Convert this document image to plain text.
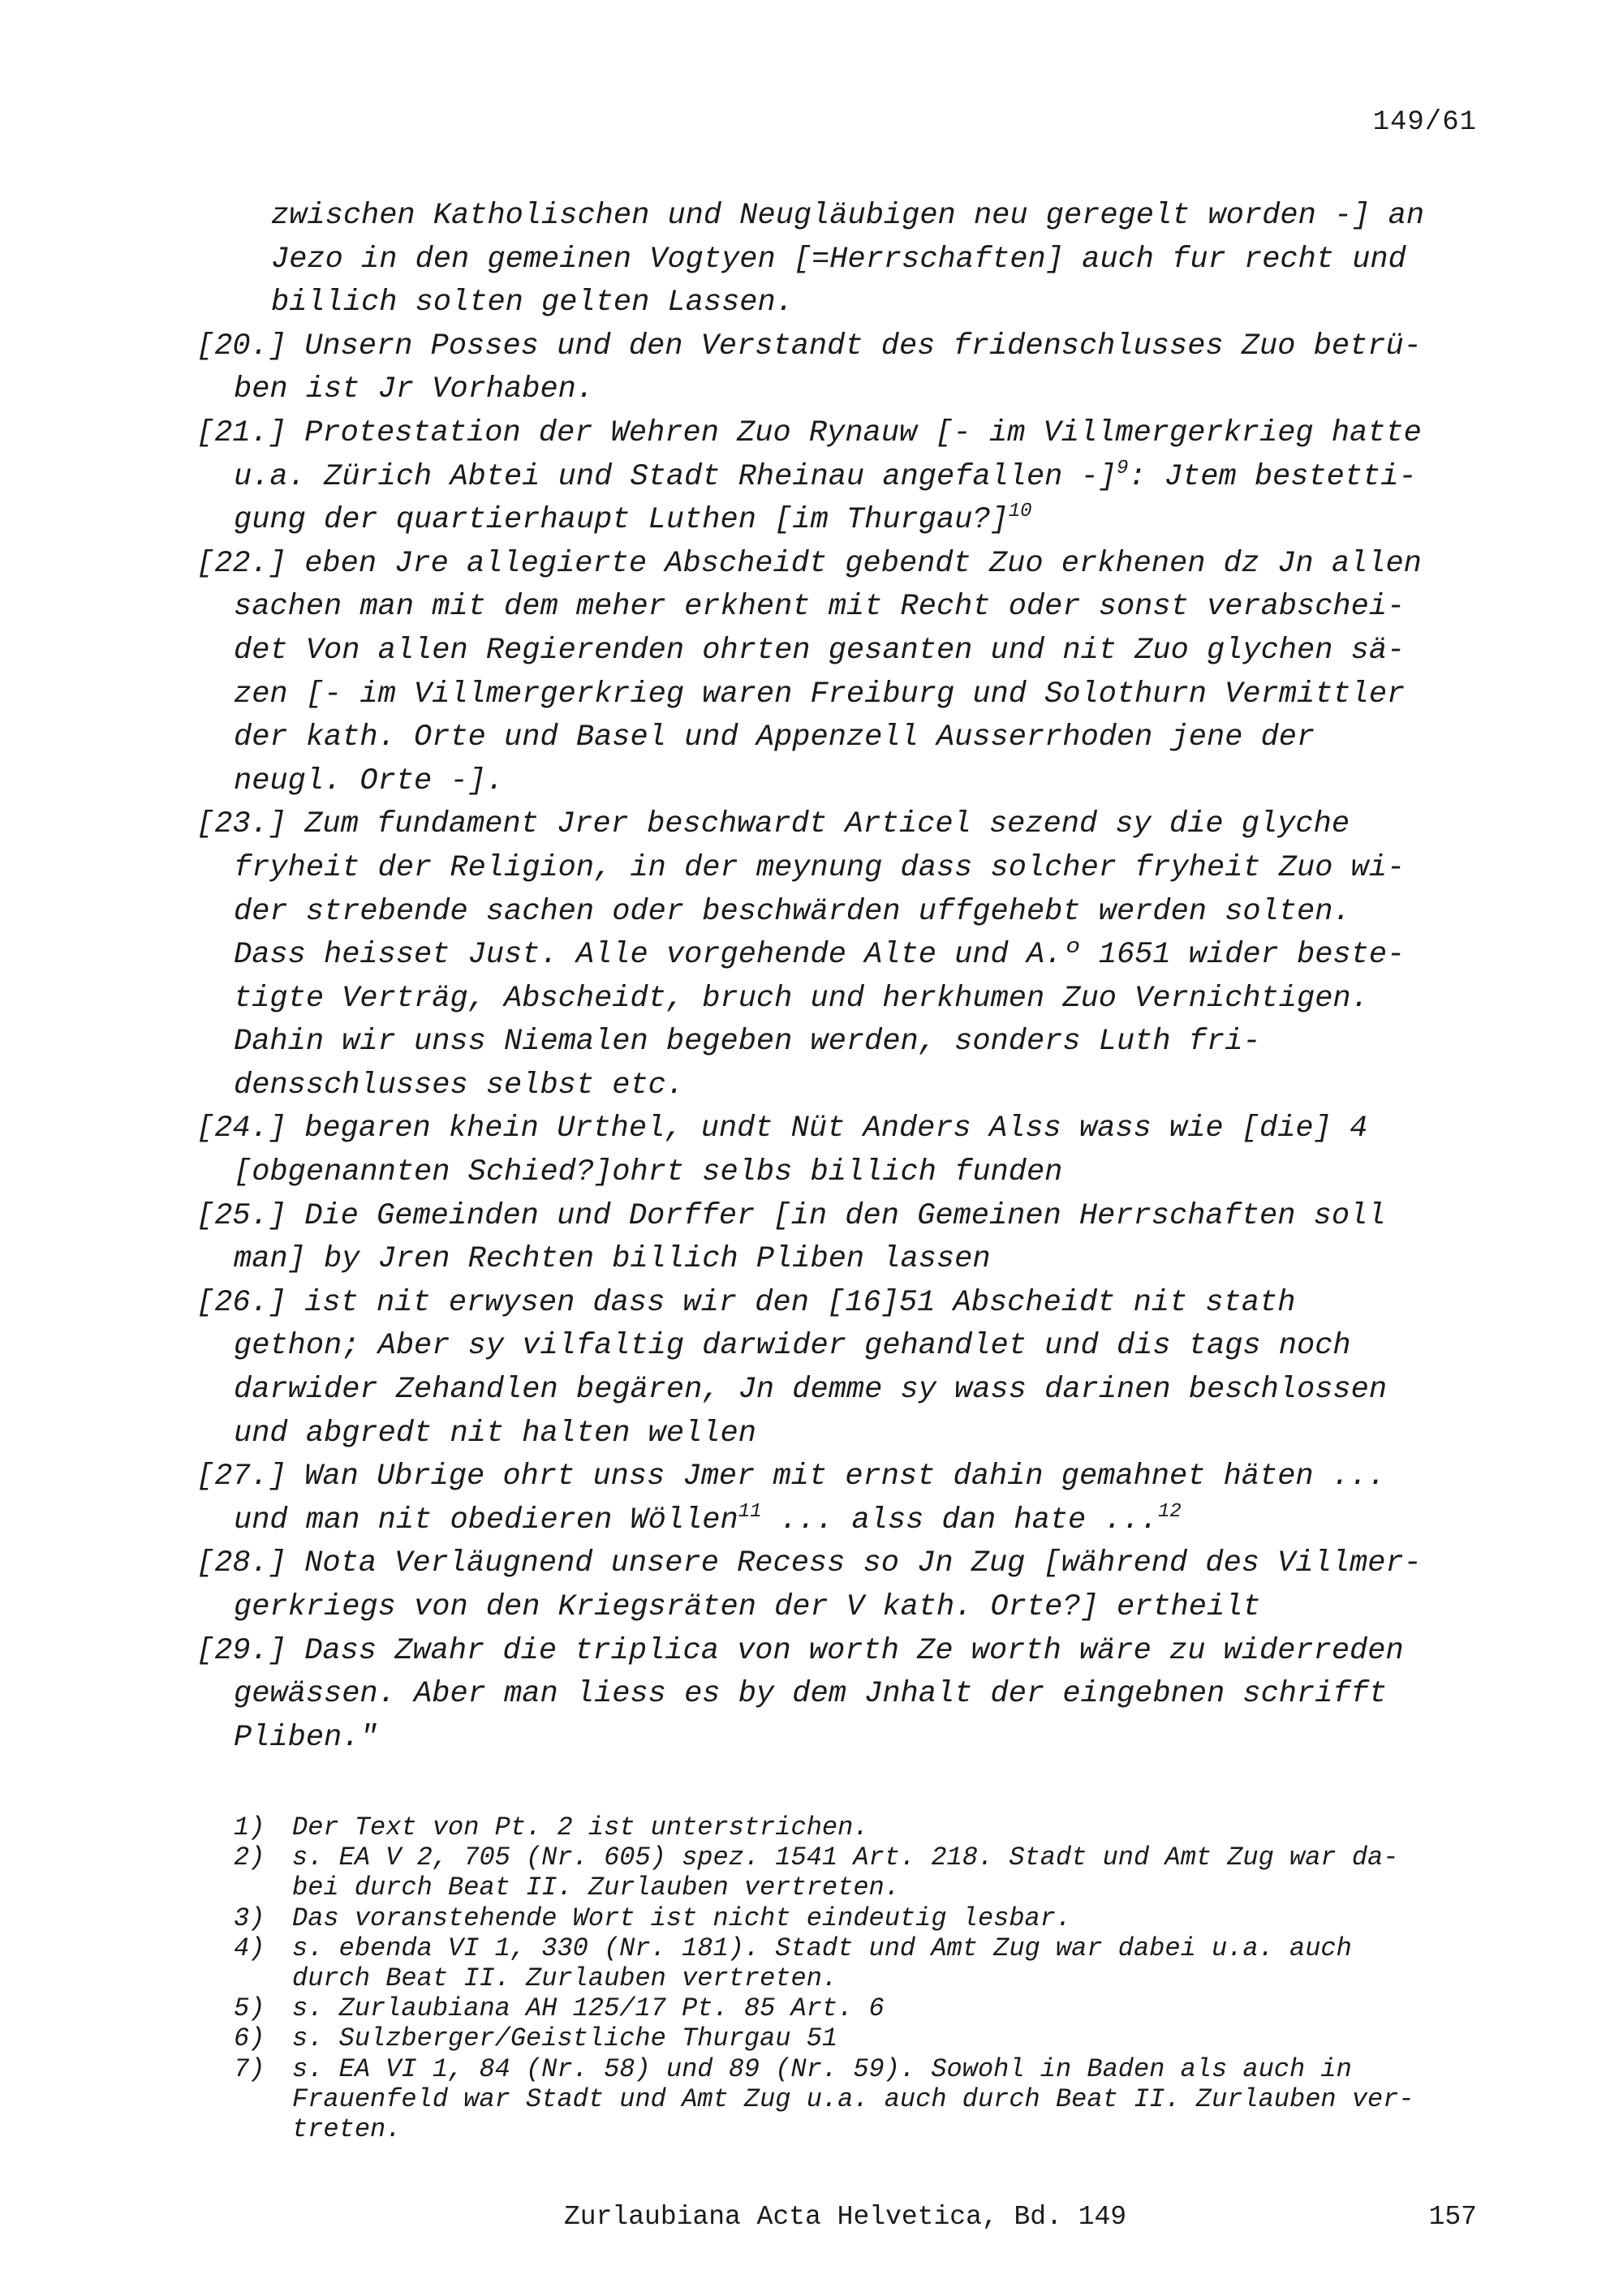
149/61

zwischen Katholischen und Neugläubigen neu geregelt worden -] an
Jezo in den gemeinen Vogtyen [=Herrschaften] auch fur recht und
billich solten gelten Lassen.

[20.] Unsern Posses und den Verstandt des fridenschlusses Zuo betrü-
ben ist Jr Vorhaben.

[21.] Protestation der Wehren Zuo Rynauw [- im Villmergerkrieg hatte
u.a. Zürich Abtei und Stadt Rheinau angefallen -]$^9$: Jtem bestetti-
gung der quartierhaupt Luthen [im Thurgau?]$^{10}$

[22.] eben Jre allegierte Abscheidt gebendt Zuo erkhenen dz Jn allen
sachen man mit dem meher erkhent mit Recht oder sonst verabschei-
det Von allen Regierenden ohrten gesanten und nit Zuo glychen sä-
zen [- im Villmergerkrieg waren Freiburg und Solothurn Vermittler
der kath. Orte und Basel und Appenzell Ausserrhoden jene der
neugl. Orte -].

[23.] Zum fundament Jrer beschwardt Articel sezend sy die glyche
fryheit der Religion, in der meynung dass solcher fryheit Zuo wi-
der strebende sachen oder beschwärden uffgehebt werden solten.
Dass heisset Just. Alle vorgehende Alte und A.º 1651 wider beste-
tigte Verträg, Abscheidt, bruch und herkhumen Zuo Vernichtigen.
Dahin wir unss Niemalen begeben werden, sonders Luth fri-
densschlusses selbst etc.

[24.] begaren khein Urthel, undt Nüt Anders Alss wass wie [die] 4
[obgenannten Schied?]ohrt selbs billich funden

[25.] Die Gemeinden und Dorffer [in den Gemeinen Herrschaften soll
man] by Jren Rechten billich Pliben lassen

[26.] ist nit erwysen dass wir den [16]51 Abscheidt nit stath
gethon; Aber sy vilfaltig darwider gehandlet und dis tags noch
darwider Zehandlen begären, Jn demme sy wass darinen beschlossen
und abgredt nit halten wellen

[27.] Wan Ubrige ohrt unss Jmer mit ernst dahin gemahnet häten ...
und man nit obedieren Wöllen$^{11}$ ... alss dan hate ...$^{12}$

[28.] Nota Verläugnend unsere Recess so Jn Zug [während des Villmer-
gerkriegs von den Kriegsräten der V kath. Orte?] ertheilt

[29.] Dass Zwahr die triplica von worth Ze worth wäre zu widerreden
gewässen. Aber man liess es by dem Jnhalt der eingebnen schrifft
Pliben."

1)	Der Text von Pt. 2 ist unterstrichen.
2)	s. EA V 2, 705 (Nr. 605) spez. 1541 Art. 218. Stadt und Amt Zug war da-
bei durch Beat II. Zurlauben vertreten.
3)	Das voranstehende Wort ist nicht eindeutig lesbar.
4)	s. ebenda VI 1, 330 (Nr. 181). Stadt und Amt Zug war dabei u.a. auch
durch Beat II. Zurlauben vertreten.
5)	s. Zurlaubiana AH 125/17 Pt. 85 Art. 6
6)	s. Sulzberger/Geistliche Thurgau 51
7)	s. EA VI 1, 84 (Nr. 58) und 89 (Nr. 59). Sowohl in Baden als auch in
Frauenfeld war Stadt und Amt Zug u.a. auch durch Beat II. Zurlauben ver-
treten.
Zurlaubiana Acta Helvetica, Bd. 149	157
